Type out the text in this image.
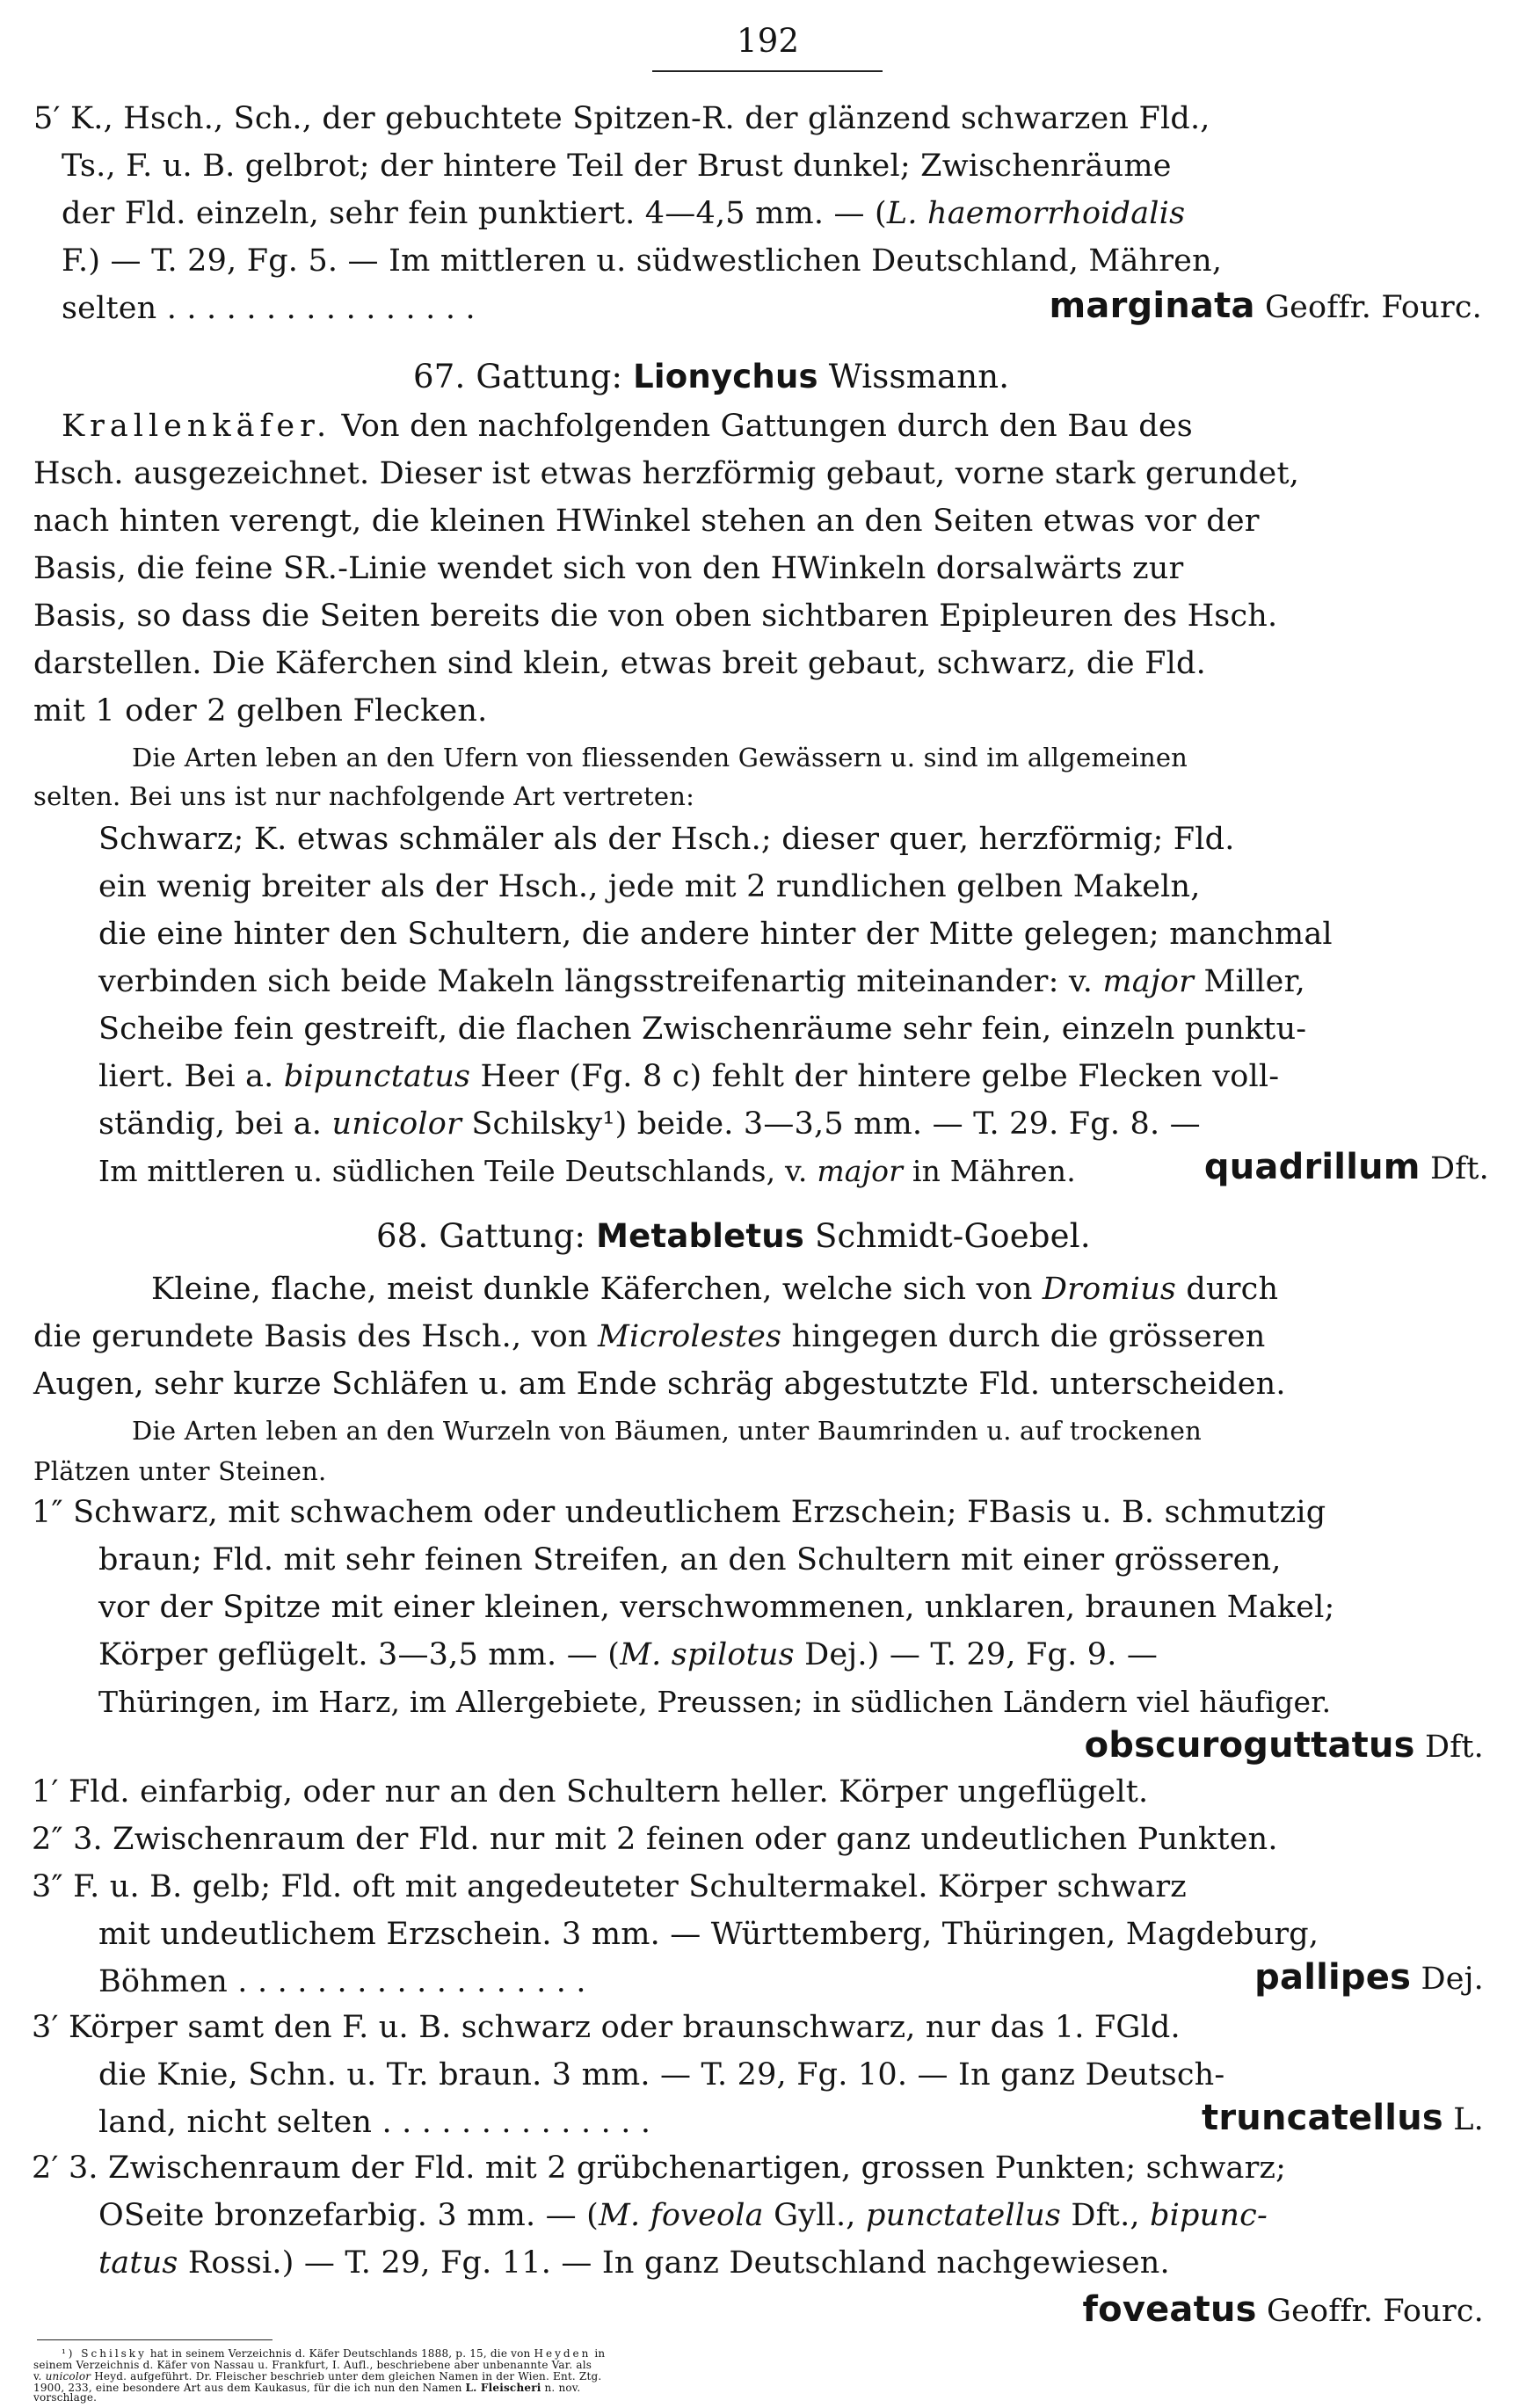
192
5′ K., Hsch., Sch., der gebuchtete Spitzen-R. der glänzend schwarzen Fld.,
Ts., F. u. B. gelbrot; der hintere Teil der Brust dunkel; Zwischenräume
der Fld. einzeln, sehr fein punktiert. 4—4,5 mm. — (L. haemorrhoidalis
F.) — T. 29, Fg. 5. — Im mittleren u. südwestlichen Deutschland, Mähren,
selten . . . . . . . . . . . . . . . .	marginata Geoffr. Fourc.
67. Gattung: Lionychus Wissmann.
Krallenkäfer. Von den nachfolgenden Gattungen durch den Bau des
Hsch. ausgezeichnet. Dieser ist etwas herzförmig gebaut, vorne stark gerundet,
nach hinten verengt, die kleinen HWinkel stehen an den Seiten etwas vor der
Basis, die feine SR.-Linie wendet sich von den HWinkeln dorsalwärts zur
Basis, so dass die Seiten bereits die von oben sichtbaren Epipleuren des Hsch.
darstellen. Die Käferchen sind klein, etwas breit gebaut, schwarz, die Fld.
mit 1 oder 2 gelben Flecken.
Die Arten leben an den Ufern von fliessenden Gewässern u. sind im allgemeinen
selten. Bei uns ist nur nachfolgende Art vertreten:
Schwarz; K. etwas schmäler als der Hsch.; dieser quer, herzförmig; Fld.
ein wenig breiter als der Hsch., jede mit 2 rundlichen gelben Makeln,
die eine hinter den Schultern, die andere hinter der Mitte gelegen; manchmal
verbinden sich beide Makeln längsstreifenartig miteinander: v. major Miller,
Scheibe fein gestreift, die flachen Zwischenräume sehr fein, einzeln punktu-
liert. Bei a. bipunctatus Heer (Fg. 8 c) fehlt der hintere gelbe Flecken voll-
ständig, bei a. unicolor Schilsky¹) beide. 3—3,5 mm. — T. 29. Fg. 8. —
Im mittleren u. südlichen Teile Deutschlands, v. major in Mähren.	quadrillum Dft.
68. Gattung: Metabletus Schmidt-Goebel.
Kleine, flache, meist dunkle Käferchen, welche sich von Dromius durch
die gerundete Basis des Hsch., von Microlestes hingegen durch die grösseren
Augen, sehr kurze Schläfen u. am Ende schräg abgestutzte Fld. unterscheiden.
Die Arten leben an den Wurzeln von Bäumen, unter Baumrinden u. auf trockenen
Plätzen unter Steinen.
1″ Schwarz, mit schwachem oder undeutlichem Erzschein; FBasis u. B. schmutzig
braun; Fld. mit sehr feinen Streifen, an den Schultern mit einer grösseren,
vor der Spitze mit einer kleinen, verschwommenen, unklaren, braunen Makel;
Körper geflügelt. 3—3,5 mm. — (M. spilotus Dej.) — T. 29, Fg. 9. —
Thüringen, im Harz, im Allergebiete, Preussen; in südlichen Ländern viel häufiger.
obscuroguttatus Dft.
1′ Fld. einfarbig, oder nur an den Schultern heller. Körper ungeflügelt.
2″ 3. Zwischenraum der Fld. nur mit 2 feinen oder ganz undeutlichen Punkten.
3″ F. u. B. gelb; Fld. oft mit angedeuteter Schultermakel. Körper schwarz
mit undeutlichem Erzschein. 3 mm. — Württemberg, Thüringen, Magdeburg,
Böhmen . . . . . . . . . . . . . . . . . .	pallipes Dej.
3′ Körper samt den F. u. B. schwarz oder braunschwarz, nur das 1. FGld.
die Knie, Schn. u. Tr. braun. 3 mm. — T. 29, Fg. 10. — In ganz Deutsch-
land, nicht selten . . . . . . . . . . . . . .	truncatellus L.
2′ 3. Zwischenraum der Fld. mit 2 grübchenartigen, grossen Punkten; schwarz;
OSeite bronzefarbig. 3 mm. — (M. foveola Gyll., punctatellus Dft., bipunc-
tatus Rossi.) — T. 29, Fg. 11. — In ganz Deutschland nachgewiesen.
foveatus Geoffr. Fourc.
¹) Schilsky hat in seinem Verzeichnis d. Käfer Deutschlands 1888, p. 15, die von Heyden in
seinem Verzeichnis d. Käfer von Nassau u. Frankfurt, I. Aufl., beschriebene aber unbenannte Var. als
v. unicolor Heyd. aufgeführt. Dr. Fleischer beschrieb unter dem gleichen Namen in der Wien. Ent. Ztg.
1900, 233, eine besondere Art aus dem Kaukasus, für die ich nun den Namen L. Fleischeri n. nov.
vorschlage.
